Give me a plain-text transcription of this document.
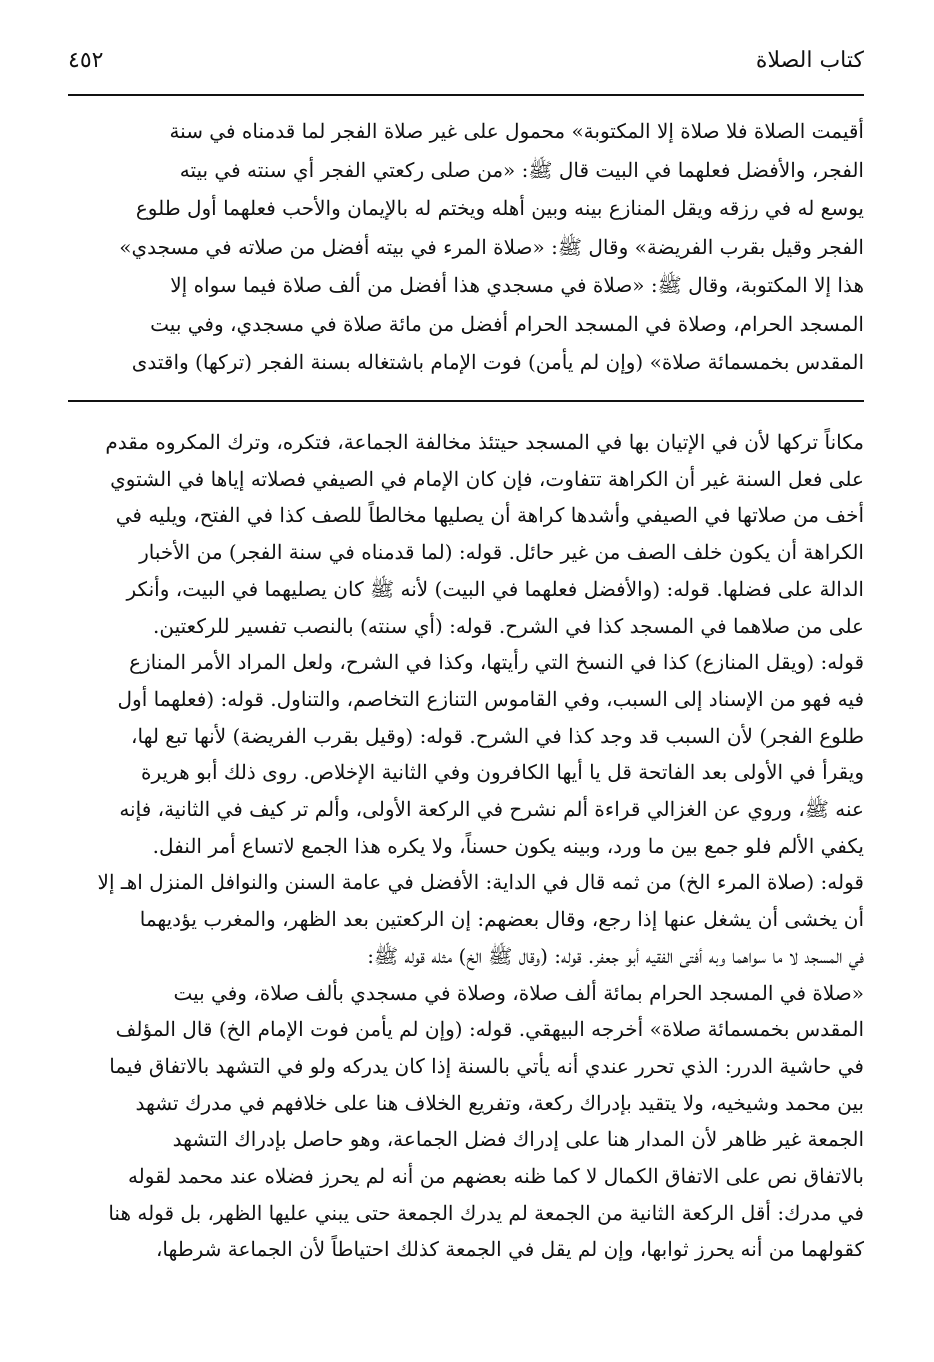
٤٥٢	كتاب الصلاة
أقيمت الصلاة فلا صلاة إلا المكتوبة» محمول على غير صلاة الفجر لما قدمناه في سنة
الفجر، والأفضل فعلهما في البيت قال ﷺ: «من صلى ركعتي الفجر أي سنته في بيته
يوسع له في رزقه ويقل المنازع بينه وبين أهله ويختم له بالإيمان والأحب فعلهما أول طلوع
الفجر وقيل بقرب الفريضة» وقال ﷺ: «صلاة المرء في بيته أفضل من صلاته في مسجدي»
هذا إلا المكتوبة، وقال ﷺ: «صلاة في مسجدي هذا أفضل من ألف صلاة فيما سواه إلا
المسجد الحرام، وصلاة في المسجد الحرام أفضل من مائة صلاة في مسجدي، وفي بيت
المقدس بخمسمائة صلاة» (وإن لم يأمن) فوت الإمام باشتغاله بسنة الفجر (تركها) واقتدى
مكاناً تركها لأن في الإتيان بها في المسجد حيتئذ مخالفة الجماعة، فتكره، وترك المكروه مقدم
على فعل السنة غير أن الكراهة تتفاوت، فإن كان الإمام في الصيفي فصلاته إياها في الشتوي
أخف من صلاتها في الصيفي وأشدها كراهة أن يصليها مخالطاً للصف كذا في الفتح، ويليه في
الكراهة أن يكون خلف الصف من غير حائل. قوله: (لما قدمناه في سنة الفجر) من الأخبار
الدالة على فضلها. قوله: (والأفضل فعلهما في البيت) لأنه ﷺ كان يصليهما في البيت، وأنكر
على من صلاهما في المسجد كذا في الشرح. قوله: (أي سنته) بالنصب تفسير للركعتين.
قوله: (ويقل المنازع) كذا في النسخ التي رأيتها، وكذا في الشرح، ولعل المراد الأمر المنازع
فيه فهو من الإسناد إلى السبب، وفي القاموس التنازع التخاصم، والتناول. قوله: (فعلهما أول
طلوع الفجر) لأن السبب قد وجد كذا في الشرح. قوله: (وقيل بقرب الفريضة) لأنها تبع لها،
ويقرأ في الأولى بعد الفاتحة قل يا أيها الكافرون وفي الثانية الإخلاص. روى ذلك أبو هريرة
عنه ﷺ، وروي عن الغزالي قراءة ألم نشرح في الركعة الأولى، وألم تر كيف في الثانية، فإنه
يكفي الألم فلو جمع بين ما ورد، وبينه يكون حسناً، ولا يكره هذا الجمع لاتساع أمر النفل.
قوله: (صلاة المرء الخ) من ثمه قال في الداية: الأفضل في عامة السنن والنوافل المنزل اهـ إلا
أن يخشى أن يشغل عنها إذا رجع، وقال بعضهم: إن الركعتين بعد الظهر، والمغرب يؤديهما
في المسجد لا ما سواهما وبه أفتى الفقيه أبو جعفر. قوله: (وقال ﷺ الخ) مثله قوله ﷺ:
«صلاة في المسجد الحرام بمائة ألف صلاة، وصلاة في مسجدي بألف صلاة، وفي بيت
المقدس بخمسمائة صلاة» أخرجه البيهقي. قوله: (وإن لم يأمن فوت الإمام الخ) قال المؤلف
في حاشية الدرر: الذي تحرر عندي أنه يأتي بالسنة إذا كان يدركه ولو في التشهد بالاتفاق فيما
بين محمد وشيخيه، ولا يتقيد بإدراك ركعة، وتفريع الخلاف هنا على خلافهم في مدرك تشهد
الجمعة غير ظاهر لأن المدار هنا على إدراك فضل الجماعة، وهو حاصل بإدراك التشهد
بالاتفاق نص على الاتفاق الكمال لا كما ظنه بعضهم من أنه لم يحرز فضلاه عند محمد لقوله
في مدرك: أقل الركعة الثانية من الجمعة لم يدرك الجمعة حتى يبني عليها الظهر، بل قوله هنا
كقولهما من أنه يحرز ثوابها، وإن لم يقل في الجمعة كذلك احتياطاً لأن الجماعة شرطها،
